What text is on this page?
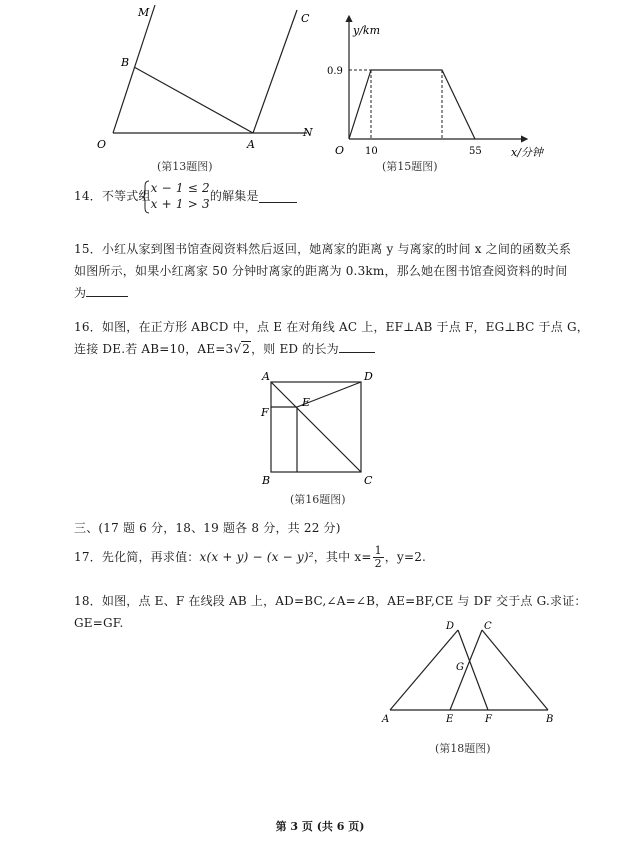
M
B
C
O	A
N
(第13题图)
y/km
0.9
O 10	55	x/分钟
(第15题图)
14．不等式组
x − 1 ≤ 2
x + 1 > 3
的解集是
15．小红从家到图书馆查阅资料然后返回，她离家的距离 y 与离家的时间 x 之间的函数关系
如图所示，如果小红离家 50 分钟时离家的距离为 0.3km，那么她在图书馆查阅资料的时间
为
16．如图，在正方形 ABCD 中，点 E 在对角线 AC 上，EF⊥AB 于点 F，EG⊥BC 于点 G，
连接 DE.若 AB=10，AE=3√2，则 ED 的长为
A	D
F
E
B	C
(第16题图)
三、(17 题 6 分，18、19 题各 8 分，共 22 分)
17．先化简，再求值：x(x + y) − (x − y)²，其中 $x= \frac{1}{2}$ ，y=2.
18．如图，点 E、F 在线段 AB 上，AD=BC,∠A=∠B，AE=BF,CE 与 DF 交于点 G.求证：GE=GF.	D	C
G
A	E	F	B
(第18题图)
第 3 页 (共 6 页)
